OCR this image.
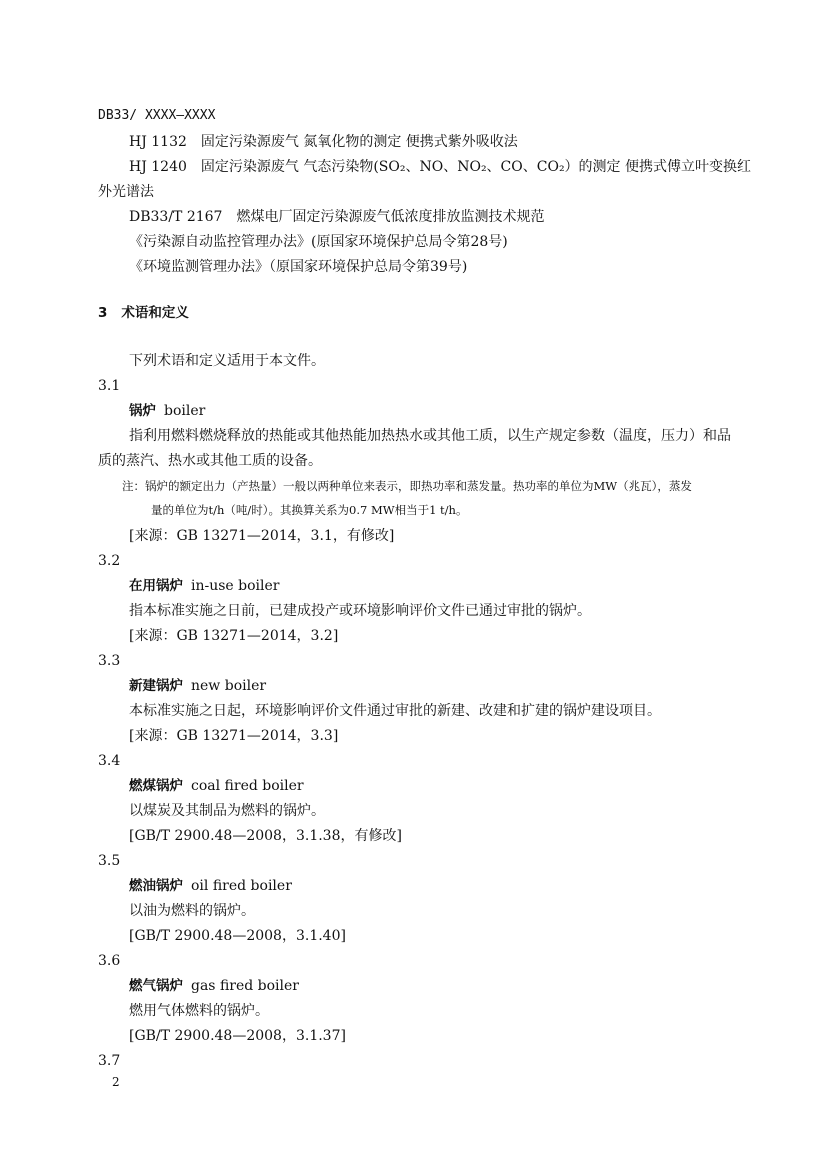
DB33/ XXXX—XXXX
HJ 1132　固定污染源废气 氮氧化物的测定 便携式紫外吸收法
HJ 1240　固定污染源废气 气态污染物(SO₂、NO、NO₂、CO、CO₂）的测定 便携式傅立叶变换红
外光谱法
DB33/T 2167　燃煤电厂固定污染源废气低浓度排放监测技术规范
《污染源自动监控管理办法》(原国家环境保护总局令第28号)
《环境监测管理办法》（原国家环境保护总局令第39号)
3 术语和定义
下列术语和定义适用于本文件。
3.1
锅炉 boiler
指利用燃料燃烧释放的热能或其他热能加热热水或其他工质，以生产规定参数（温度，压力）和品
质的蒸汽、热水或其他工质的设备。
注：锅炉的额定出力（产热量）一般以两种单位来表示，即热功率和蒸发量。热功率的单位为MW（兆瓦），蒸发
量的单位为t/h（吨/时）。其换算关系为0.7 MW相当于1 t/h。
[来源：GB 13271—2014，3.1，有修改]
3.2
在用锅炉 in-use boiler
指本标准实施之日前，已建成投产或环境影响评价文件已通过审批的锅炉。
[来源：GB 13271—2014，3.2]
3.3
新建锅炉 new boiler
本标准实施之日起，环境影响评价文件通过审批的新建、改建和扩建的锅炉建设项目。
[来源：GB 13271—2014，3.3]
3.4
燃煤锅炉 coal fired boiler
以煤炭及其制品为燃料的锅炉。
[GB/T 2900.48—2008，3.1.38，有修改]
3.5
燃油锅炉 oil fired boiler
以油为燃料的锅炉。
[GB/T 2900.48—2008，3.1.40]
3.6
燃气锅炉 gas fired boiler
燃用气体燃料的锅炉。
[GB/T 2900.48—2008，3.1.37]
3.7
2
